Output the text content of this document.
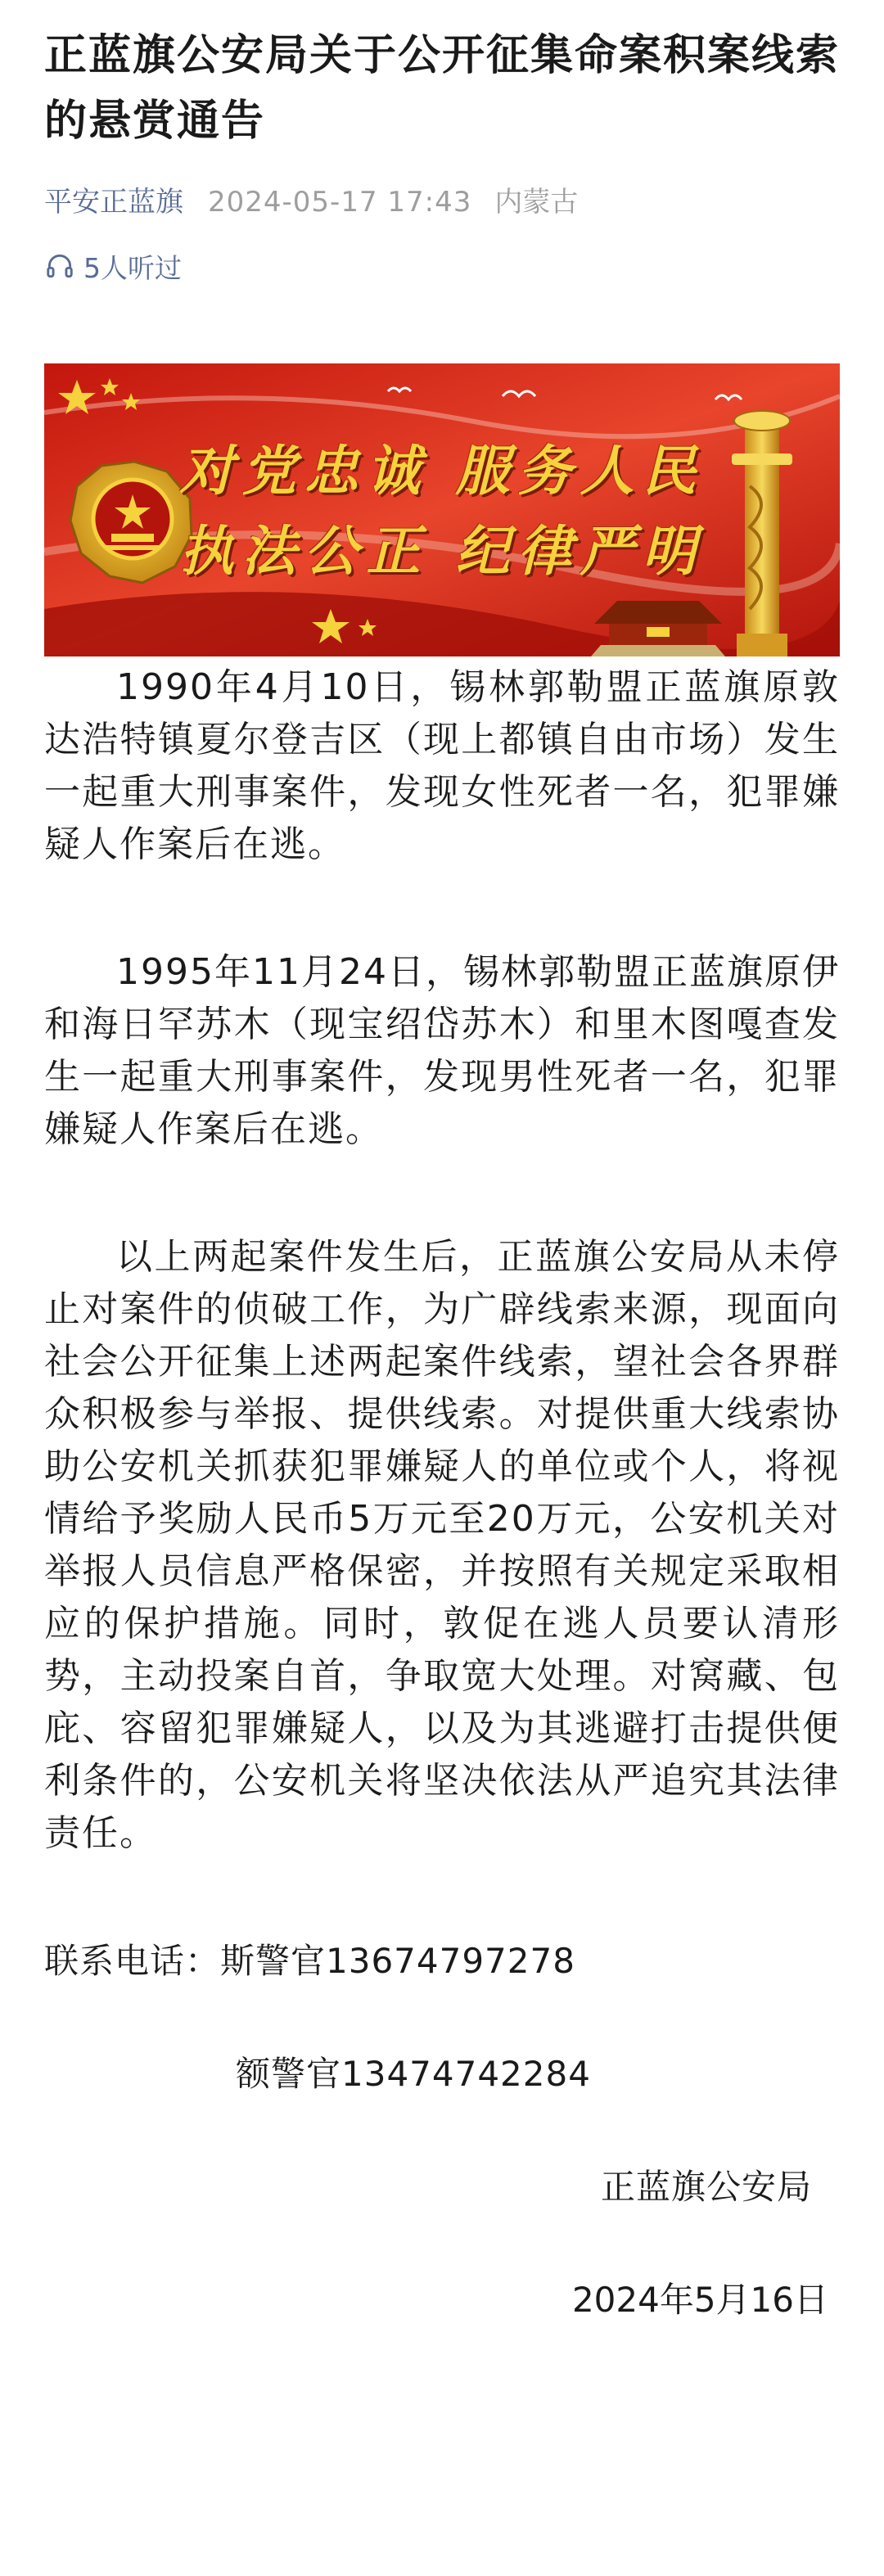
正蓝旗公安局关于公开征集命案积案线索的悬赏通告
平安正蓝旗 2024-05-17 17:43 内蒙古
5人听过
对党忠诚 服务人民
执法公正 纪律严明

1990年4月10日，锡林郭勒盟正蓝旗原敦达浩特镇夏尔登吉区（现上都镇自由市场）发生一起重大刑事案件，发现女性死者一名，犯罪嫌疑人作案后在逃。

1995年11月24日，锡林郭勒盟正蓝旗原伊和海日罕苏木（现宝绍岱苏木）和里木图嘎查发生一起重大刑事案件，发现男性死者一名，犯罪嫌疑人作案后在逃。

以上两起案件发生后，正蓝旗公安局从未停止对案件的侦破工作，为广辟线索来源，现面向社会公开征集上述两起案件线索，望社会各界群众积极参与举报、提供线索。对提供重大线索协助公安机关抓获犯罪嫌疑人的单位或个人，将视情给予奖励人民币5万元至20万元，公安机关对举报人员信息严格保密，并按照有关规定采取相应的保护措施。同时，敦促在逃人员要认清形势，主动投案自首，争取宽大处理。对窝藏、包庇、容留犯罪嫌疑人，以及为其逃避打击提供便利条件的，公安机关将坚决依法从严追究其法律责任。

联系电话：斯警官13674797278
额警官13474742284
正蓝旗公安局
2024年5月16日
